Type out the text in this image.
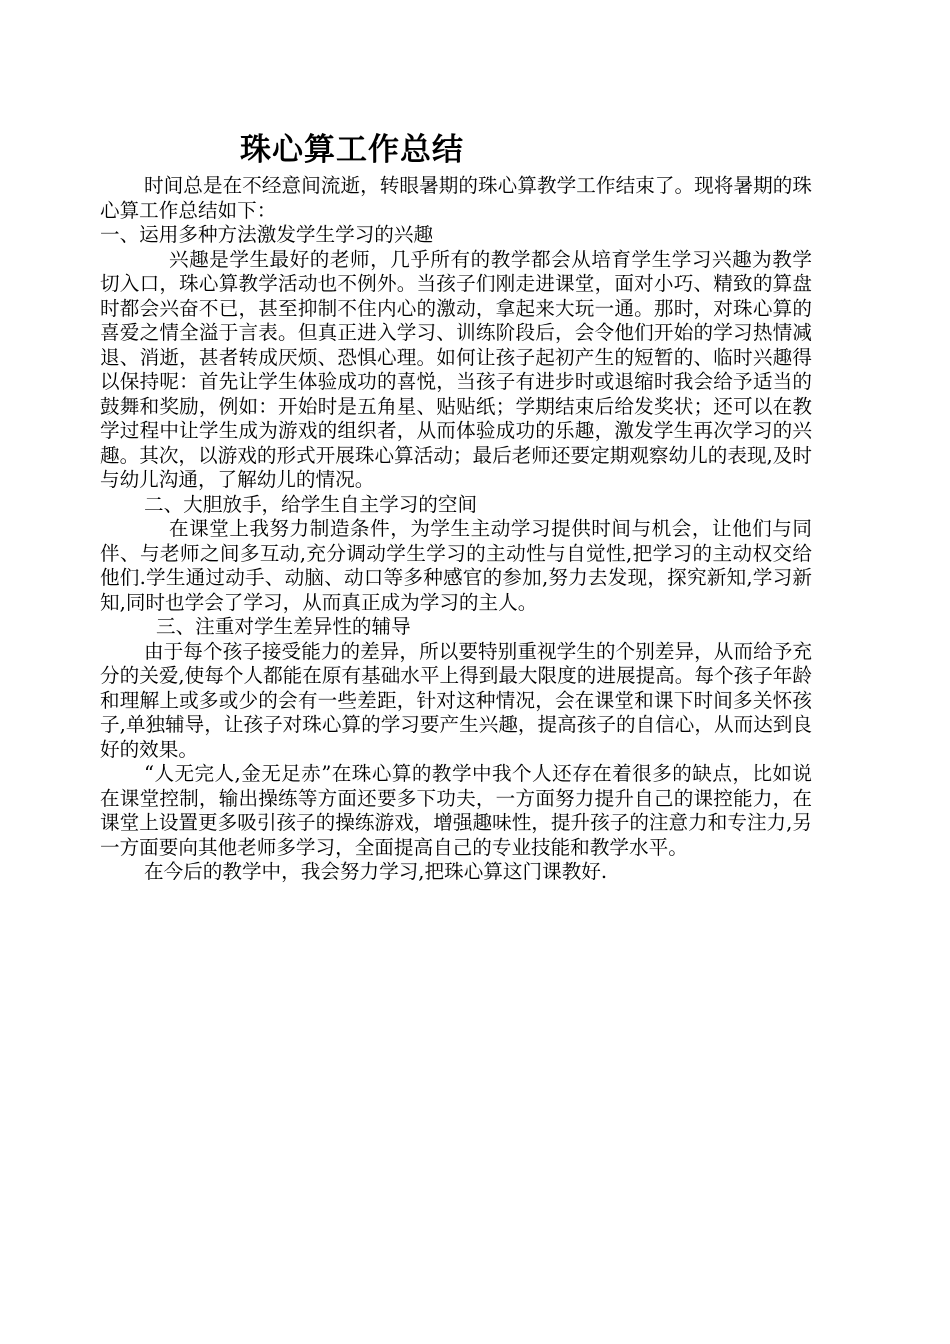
珠心算工作总结

时间总是在不经意间流逝，转眼暑期的珠心算教学工作结束了。现将暑期的珠心算工作总结如下：

一、运用多种方法激发学生学习的兴趣

兴趣是学生最好的老师，几乎所有的教学都会从培育学生学习兴趣为教学切入口，珠心算教学活动也不例外。当孩子们刚走进课堂，面对小巧、精致的算盘时都会兴奋不已，甚至抑制不住内心的激动，拿起来大玩一通。那时，对珠心算的喜爱之情全溢于言表。但真正进入学习、训练阶段后，会令他们开始的学习热情减退、消逝，甚者转成厌烦、恐惧心理。如何让孩子起初产生的短暂的、临时兴趣得以保持呢：首先让学生体验成功的喜悦，当孩子有进步时或退缩时我会给予适当的鼓舞和奖励，例如：开始时是五角星、贴贴纸；学期结束后给发奖状；还可以在教学过程中让学生成为游戏的组织者，从而体验成功的乐趣，激发学生再次学习的兴趣。其次，以游戏的形式开展珠心算活动；最后老师还要定期观察幼儿的表现,及时与幼儿沟通，了解幼儿的情况。

二、大胆放手，给学生自主学习的空间

在课堂上我努力制造条件，为学生主动学习提供时间与机会，让他们与同伴、与老师之间多互动,充分调动学生学习的主动性与自觉性,把学习的主动权交给他们.学生通过动手、动脑、动口等多种感官的参加,努力去发现，探究新知,学习新知,同时也学会了学习，从而真正成为学习的主人。

三、注重对学生差异性的辅导

由于每个孩子接受能力的差异，所以要特别重视学生的个别差异，从而给予充分的关爱,使每个人都能在原有基础水平上得到最大限度的进展提高。每个孩子年龄和理解上或多或少的会有一些差距，针对这种情况，会在课堂和课下时间多关怀孩子,单独辅导，让孩子对珠心算的学习要产生兴趣，提高孩子的自信心，从而达到良好的效果。

“人无完人,金无足赤”在珠心算的教学中我个人还存在着很多的缺点，比如说在课堂控制，输出操练等方面还要多下功夫，一方面努力提升自己的课控能力，在课堂上设置更多吸引孩子的操练游戏，增强趣味性，提升孩子的注意力和专注力,另一方面要向其他老师多学习，全面提高自己的专业技能和教学水平。

在今后的教学中，我会努力学习,把珠心算这门课教好.
